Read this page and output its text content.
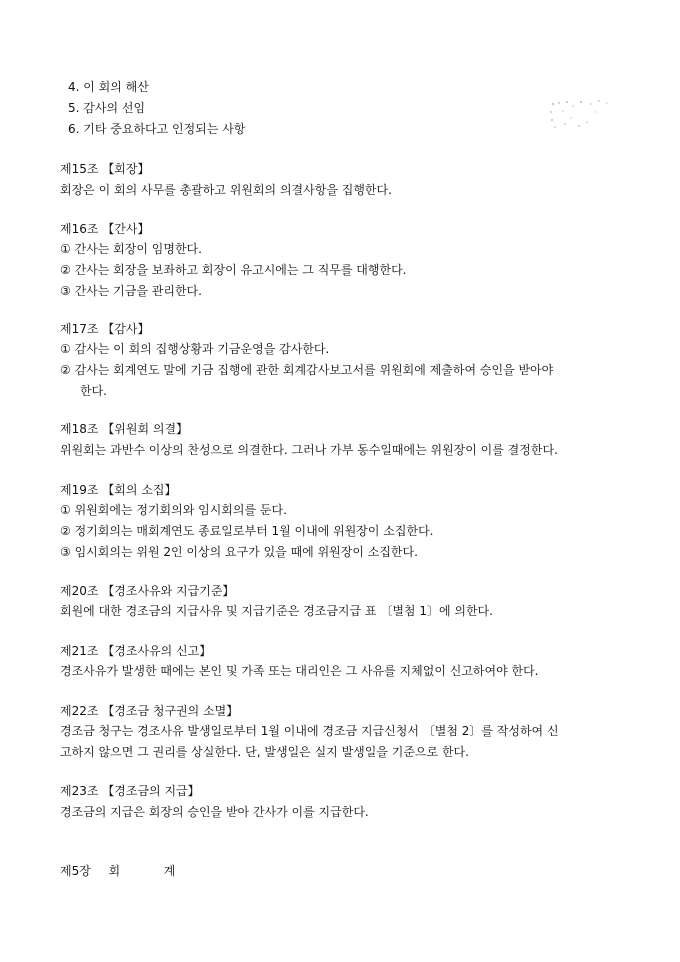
4. 이 회의 해산
5. 감사의 선임
6. 기타 중요하다고 인정되는 사항
제15조 【회장】
회장은 이 회의 사무를 총괄하고 위원회의 의결사항을 집행한다.
제16조 【간사】
① 간사는 회장이 임명한다.
② 간사는 회장을 보좌하고 회장이 유고시에는 그 직무를 대행한다.
③ 간사는 기금을 관리한다.
제17조 【감사】
① 감사는 이 회의 집행상황과 기금운영을 감사한다.
② 감사는 회계연도 말에 기금 집행에 관한 회계감사보고서를 위원회에 제출하여 승인을 받아야
한다.
제18조 【위원회 의결】
위원회는 과반수 이상의 찬성으로 의결한다. 그러나 가부 동수일때에는 위원장이 이를 결정한다.
제19조 【회의 소집】
① 위원회에는 정기회의와 임시회의를 둔다.
② 정기회의는 매회계연도 종료일로부터 1월 이내에 위원장이 소집한다.
③ 임시회의는 위원 2인 이상의 요구가 있을 때에 위원장이 소집한다.
제20조 【경조사유와 지급기준】
회원에 대한 경조금의 지급사유 및 지급기준은 경조금지급 표 〔별첨 1〕에 의한다.
제21조 【경조사유의 신고】
경조사유가 발생한 때에는 본인 및 가족 또는 대리인은 그 사유를 지체없이 신고하여야 한다.
제22조 【경조금 청구권의 소멸】
경조금 청구는 경조사유 발생일로부터 1월 이내에 경조금 지급신청서 〔별첨 2〕를 작성하여 신
고하지 않으면 그 권리를 상실한다. 단, 발생일은 실지 발생일을 기준으로 한다.
제23조 【경조금의 지급】
경조금의 지급은 회장의 승인을 받아 간사가 이를 지급한다.
제5장 회	계
